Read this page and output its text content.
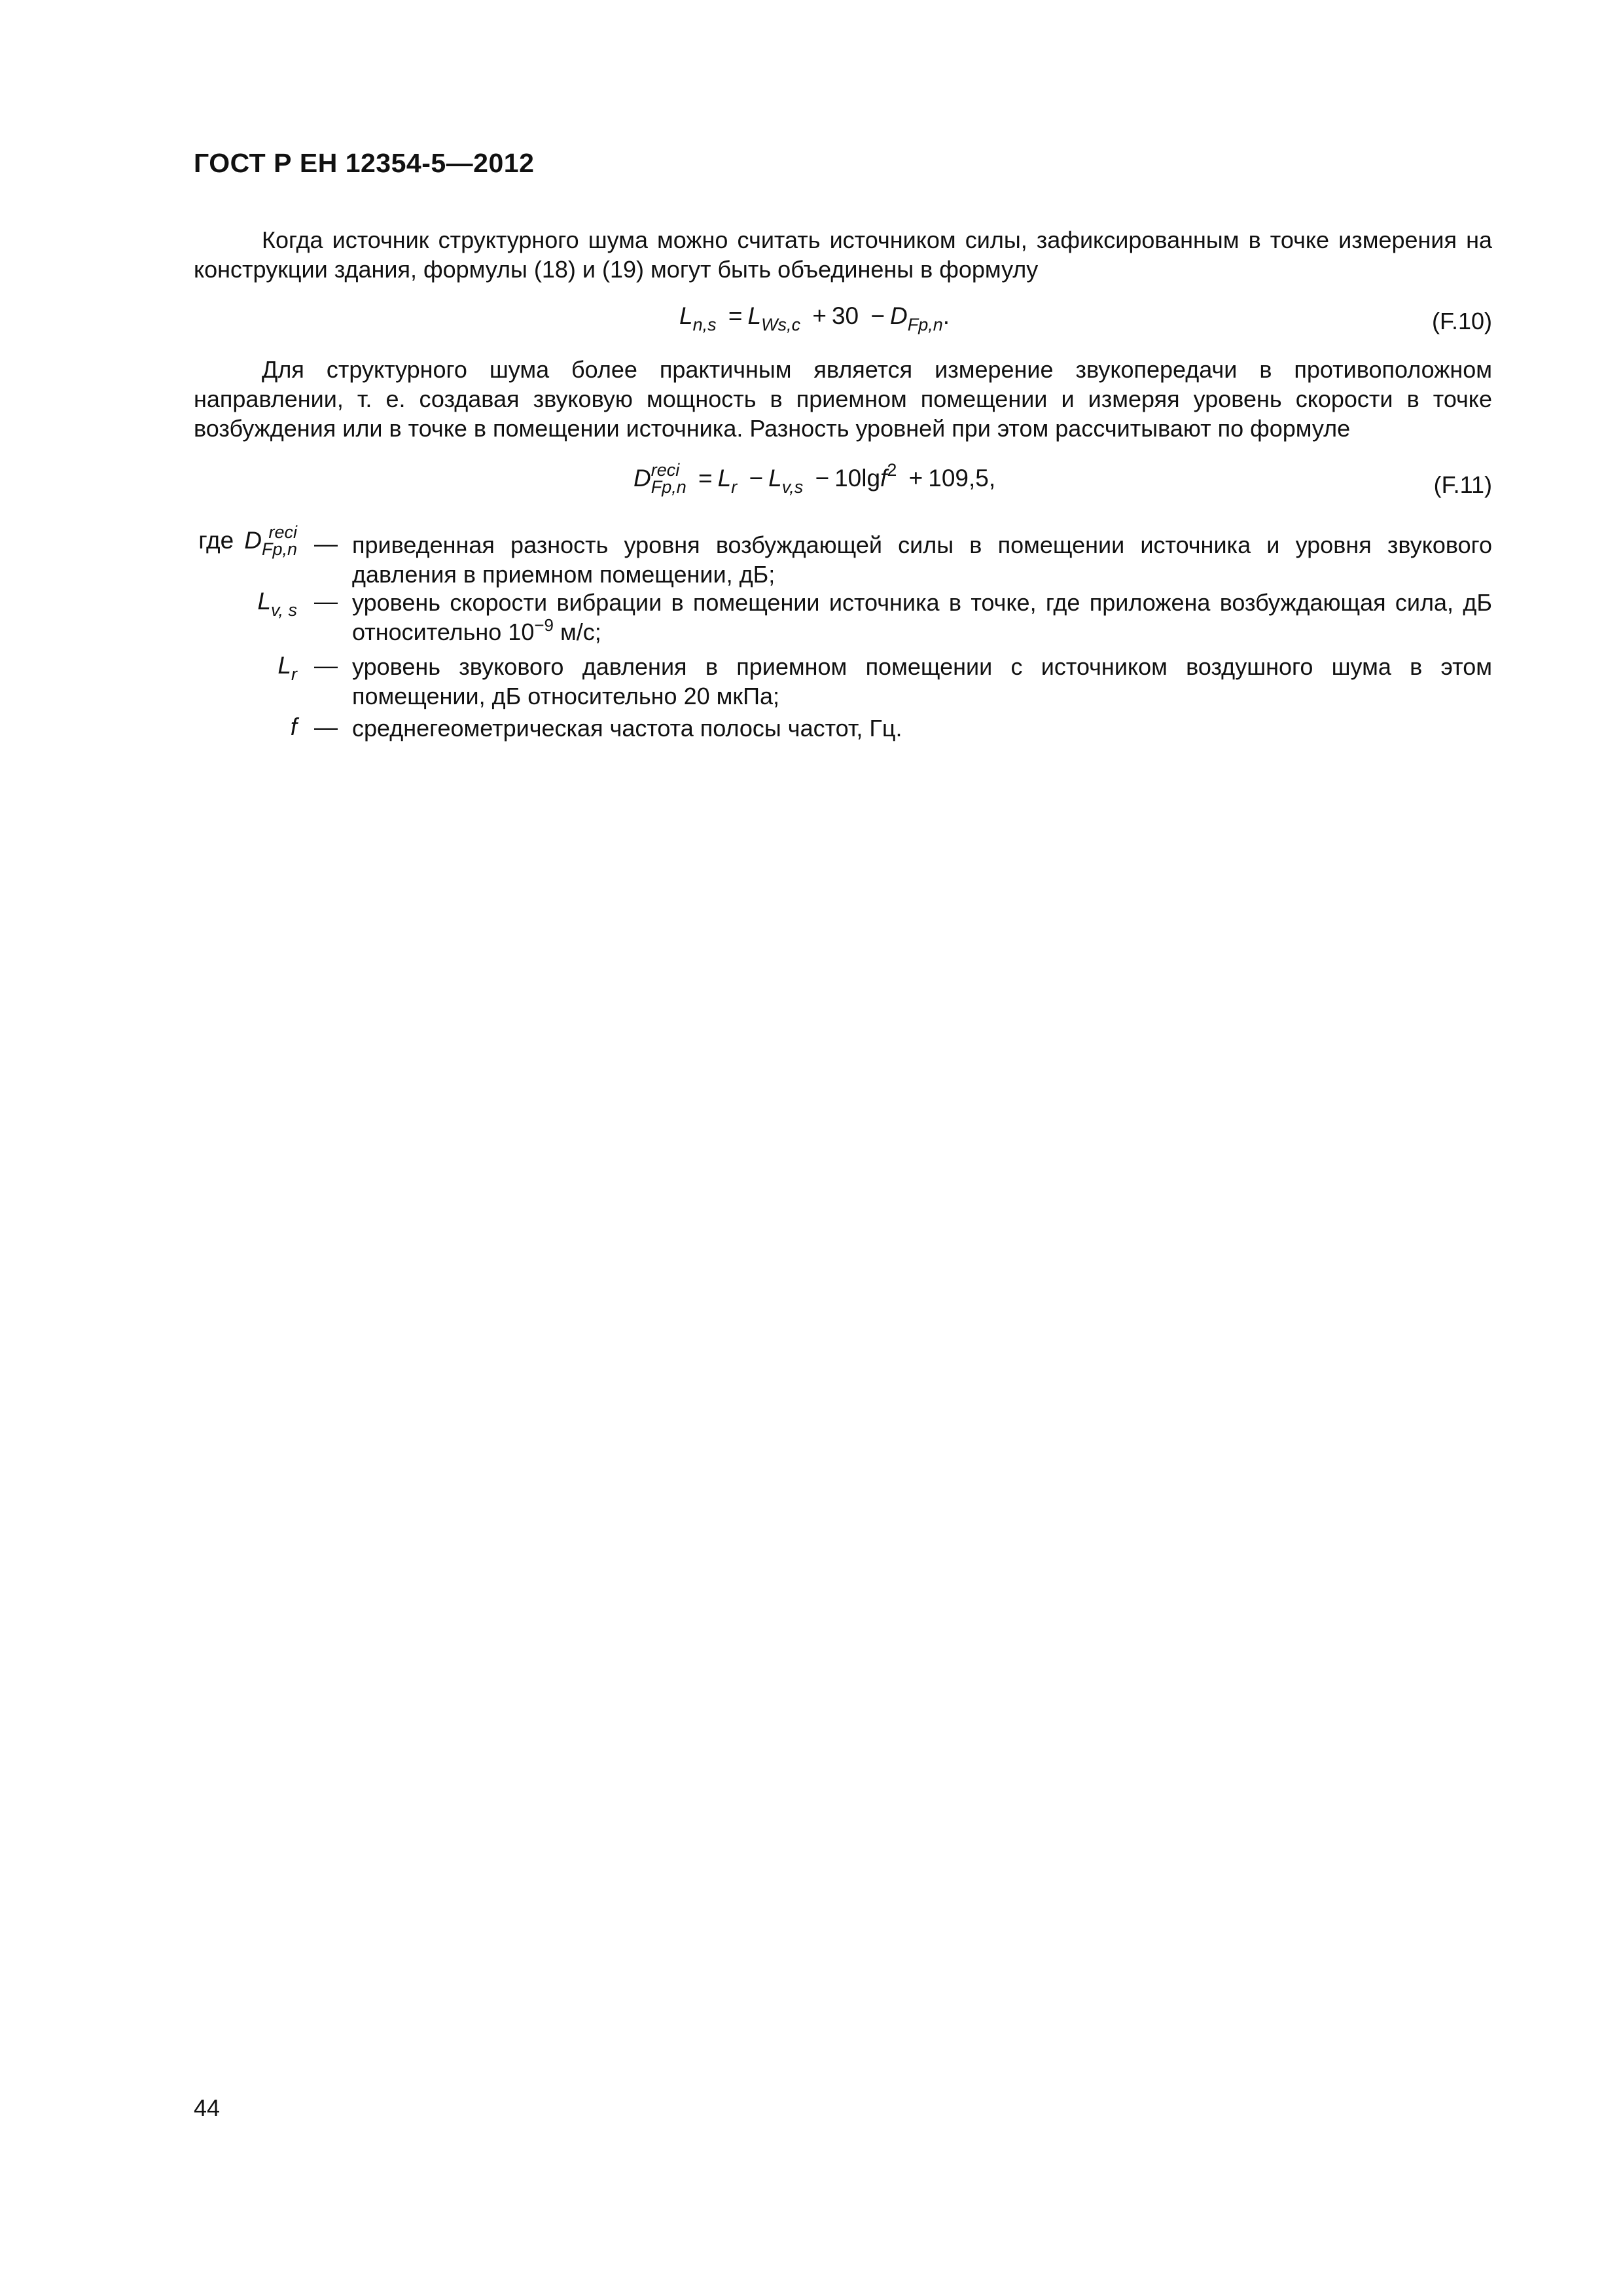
ГОСТ Р ЕН 12354-5—2012

Когда источник структурного шума можно считать источником силы, зафиксированным в точке измерения на конструкции здания, формулы (18) и (19) могут быть объединены в формулу

$L_{n,s} = L_{Ws,c} + 30 - D_{Fp,n}$.	(F.10)

Для структурного шума более практичным является измерение звукопередачи в противоположном направлении, т. е. создавая звуковую мощность в приемном помещении и измеряя уровень скорости в точке возбуждения или в точке в помещении источника. Разность уровней при этом рассчитывают по формуле

D reci
$Fp,n = L_r - L_{v,s} - 10\lg f^2 + 109,5$,	(F.11)
где D reci
Fp,n — приведенная разность уровня возбуждающей силы в помещении источника и уровня звукового давления в приемном помещении, дБ;

$L_{v, s}$ — уровень скорости вибрации в помещении источника в точке, где приложена возбуждающая сила, дБ относительно $10^{-9}$ м/с;

$L_r$ — уровень звукового давления в приемном помещении с источником воздушного шума в этом помещении, дБ относительно 20 мкПа;

f — среднегеометрическая частота полосы частот, Гц.

44
